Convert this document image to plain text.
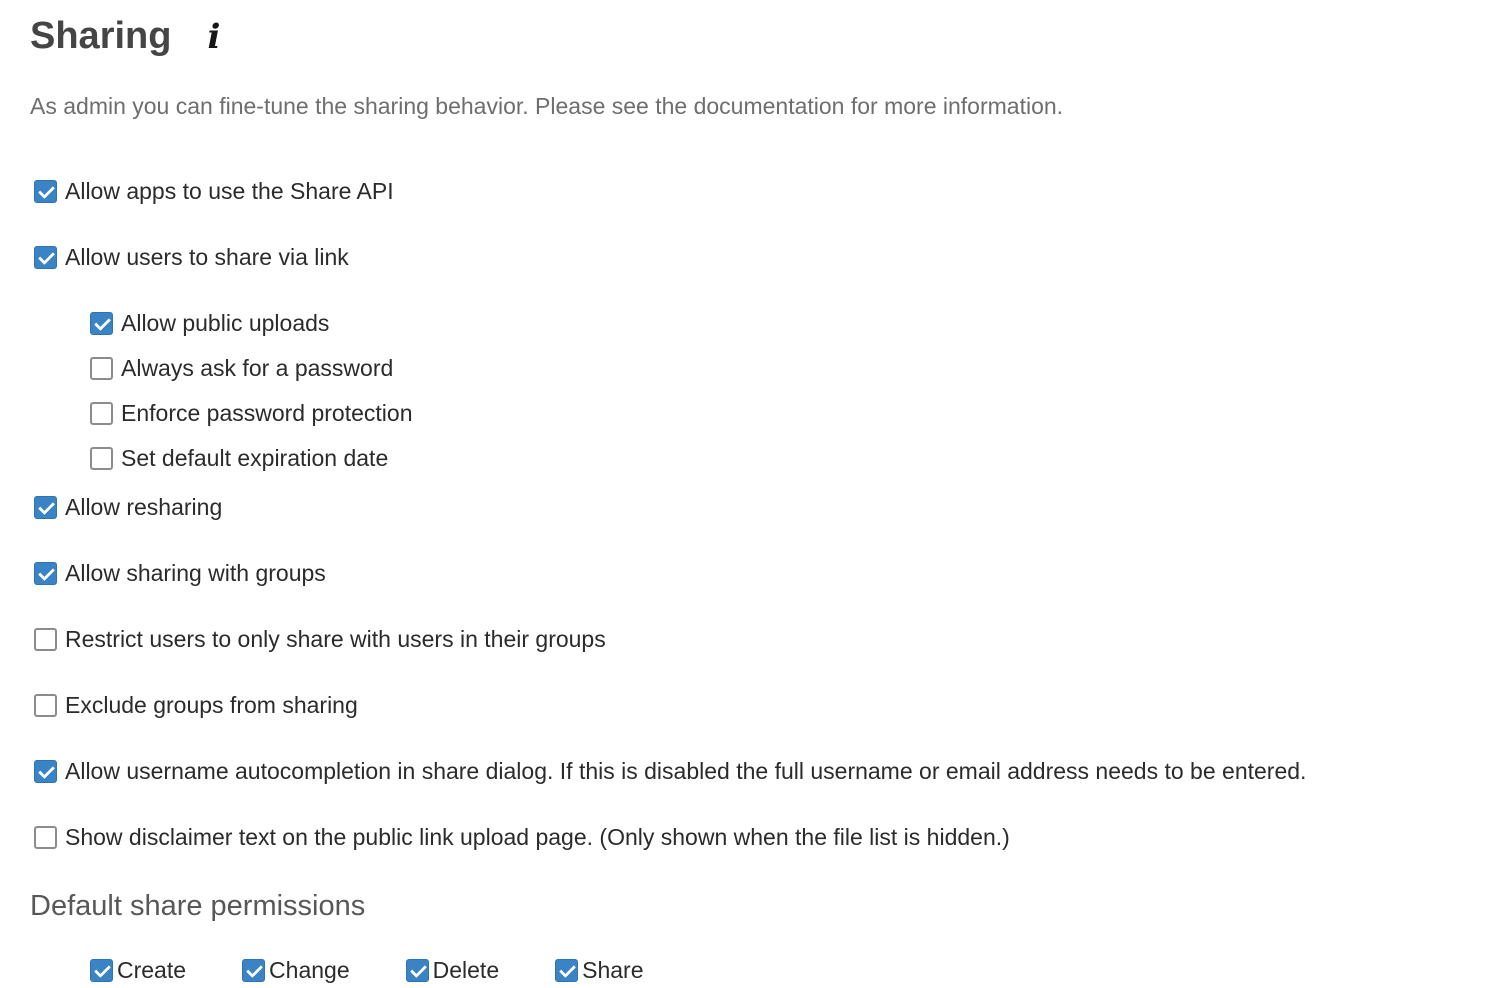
Sharing i
As admin you can fine-tune the sharing behavior. Please see the documentation for more information.
Allow apps to use the Share API
Allow users to share via link
Allow public uploads
Always ask for a password
Enforce password protection
Set default expiration date
Allow resharing
Allow sharing with groups
Restrict users to only share with users in their groups
Exclude groups from sharing
Allow username autocompletion in share dialog. If this is disabled the full username or email address needs to be entered.
Show disclaimer text on the public link upload page. (Only shown when the file list is hidden.)
Default share permissions
Create	Change	Delete	Share
